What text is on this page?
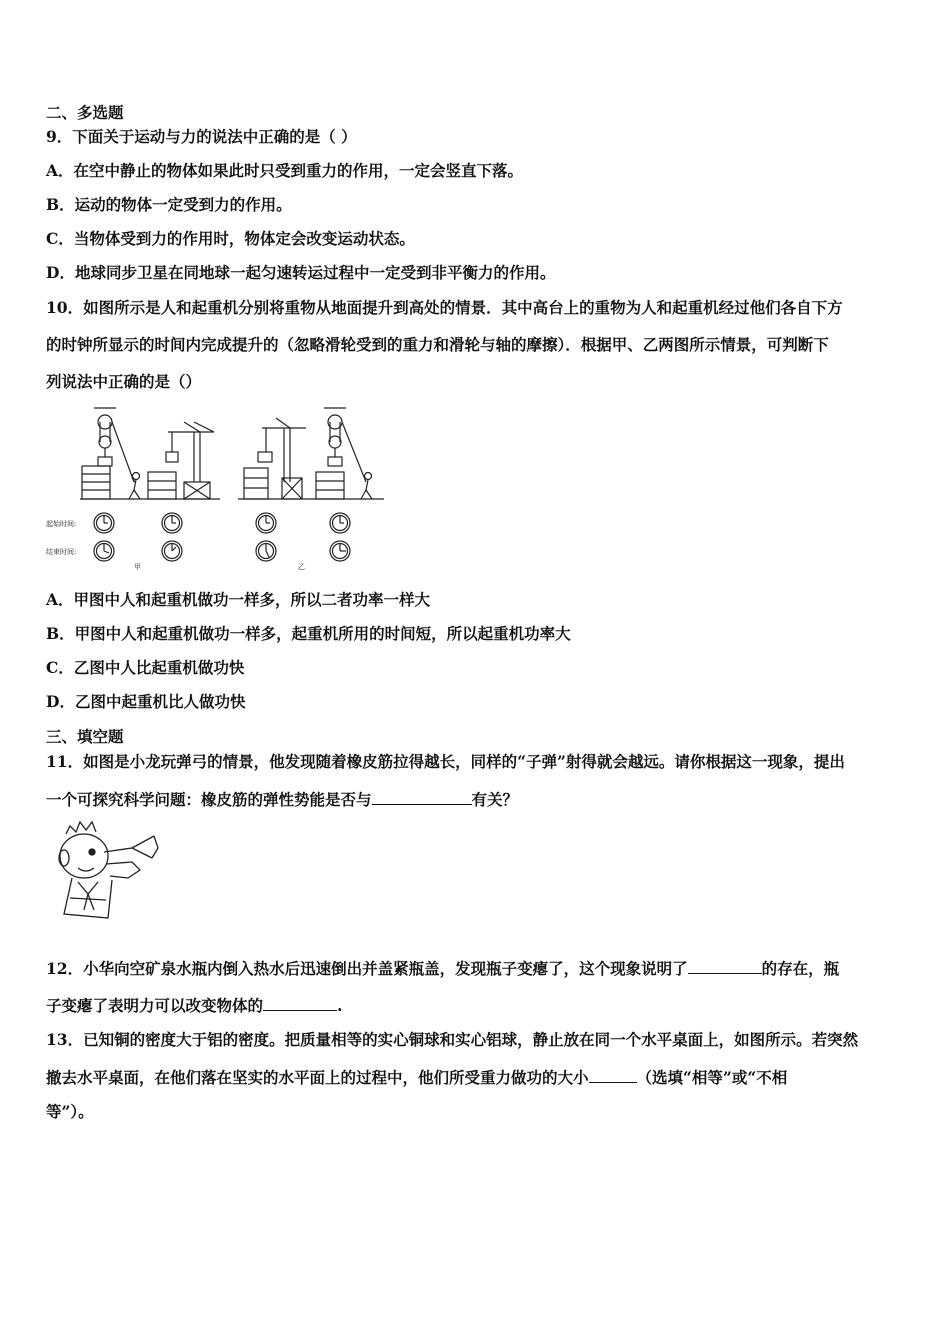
二、多选题
9．下面关于运动与力的说法中正确的是（ ）
A．在空中静止的物体如果此时只受到重力的作用，一定会竖直下落。
B．运动的物体一定受到力的作用。
C．当物体受到力的作用时，物体定会改变运动状态。
D．地球同步卫星在同地球一起匀速转运过程中一定受到非平衡力的作用。
10．如图所示是人和起重机分别将重物从地面提升到高处的情景．其中高台上的重物为人和起重机经过他们各自下方
的时钟所显示的时间内完成提升的（忽略滑轮受到的重力和滑轮与轴的摩擦）．根据甲、乙两图所示情景，可判断下
列说法中正确的是（）
起始时间:
结束时间:
甲	乙
A．甲图中人和起重机做功一样多，所以二者功率一样大
B．甲图中人和起重机做功一样多，起重机所用的时间短，所以起重机功率大
C．乙图中人比起重机做功快
D．乙图中起重机比人做功快
三、填空题
11．如图是小龙玩弹弓的情景，他发现随着橡皮筋拉得越长，同样的“子弹”射得就会越远。请你根据这一现象，提出
一个可探究科学问题：橡皮筋的弹性势能是否与	有关？
12．小华向空矿泉水瓶内倒入热水后迅速倒出并盖紧瓶盖，发现瓶子变瘪了，这个现象说明了	的存在，瓶
子变瘪了表明力可以改变物体的	.
13．已知铜的密度大于铝的密度。把质量相等的实心铜球和实心铝球，静止放在同一个水平桌面上，如图所示。若突然
撤去水平桌面，在他们落在坚实的水平面上的过程中，他们所受重力做功的大小	（选填“相等”或“不相
等”）。
